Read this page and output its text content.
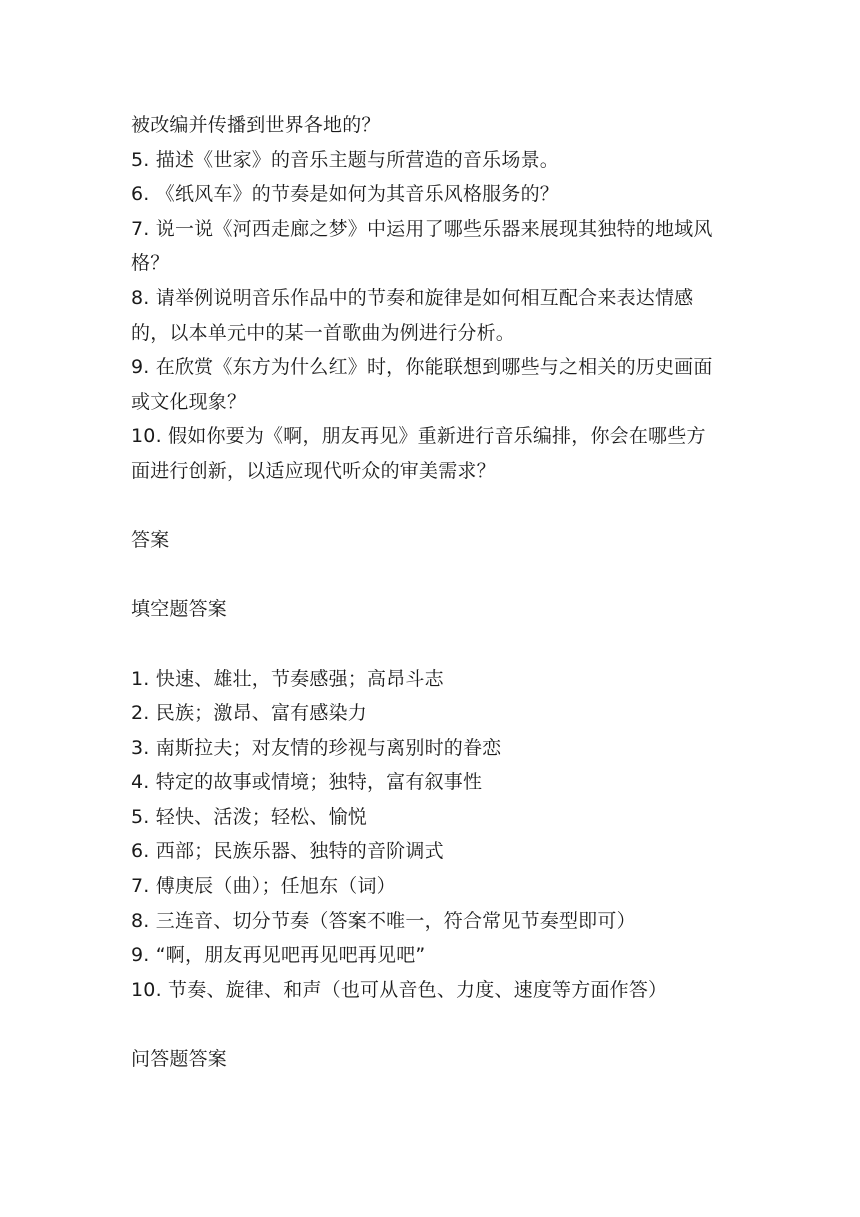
被改编并传播到世界各地的？
5. 描述《世家》的音乐主题与所营造的音乐场景。
6. 《纸风车》的节奏是如何为其音乐风格服务的？
7. 说一说《河西走廊之梦》中运用了哪些乐器来展现其独特的地域风
格？
8. 请举例说明音乐作品中的节奏和旋律是如何相互配合来表达情感
的，以本单元中的某一首歌曲为例进行分析。
9. 在欣赏《东方为什么红》时，你能联想到哪些与之相关的历史画面
或文化现象？
10. 假如你要为《啊，朋友再见》重新进行音乐编排，你会在哪些方
面进行创新，以适应现代听众的审美需求？
答案
填空题答案
1. 快速、雄壮，节奏感强；高昂斗志
2. 民族；激昂、富有感染力
3. 南斯拉夫；对友情的珍视与离别时的眷恋
4. 特定的故事或情境；独特，富有叙事性
5. 轻快、活泼；轻松、愉悦
6. 西部；民族乐器、独特的音阶调式
7. 傅庚辰（曲）；任旭东（词）
8. 三连音、切分节奏（答案不唯一，符合常见节奏型即可）
9. “啊，朋友再见吧再见吧再见吧”
10. 节奏、旋律、和声（也可从音色、力度、速度等方面作答）
问答题答案
